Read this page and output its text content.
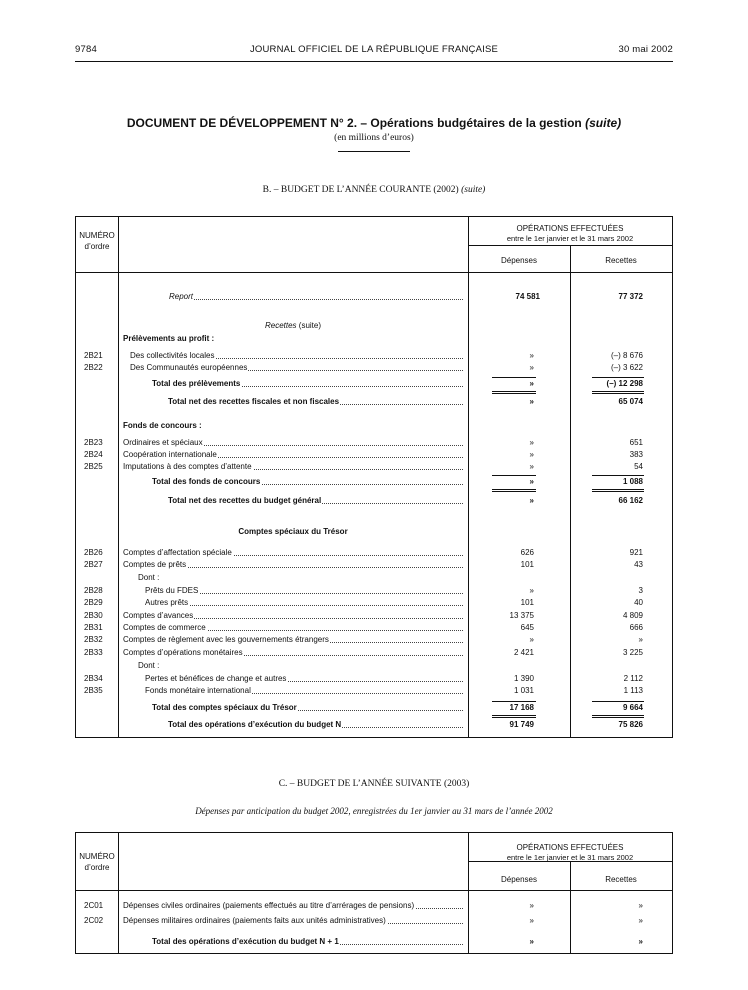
9784	JOURNAL OFFICIEL DE LA RÉPUBLIQUE FRANÇAISE	30 mai 2002
DOCUMENT DE DÉVELOPPEMENT N° 2. – Opérations budgétaires de la gestion (suite)
(en millions d’euros)
B. – BUDGET DE L’ANNÉE COURANTE (2002) (suite)
NUMÉRO
d’ordre
OPÉRATIONS EFFECTUÉES
entre le 1er janvier et le 31 mars 2002
Dépenses	Recettes
Report	74 581	77 372
Recettes (suite)
Prélèvements au profit :
Fonds de concours :
Comptes spéciaux du Trésor
Dont :
Dont :
2B21	Des collectivités locales	»	(–) 8 676
2B22	Des Communautés européennes	»	(–) 3 622
Total des prélèvements	»	(–) 12 298
Total net des recettes fiscales et non fiscales	»	65 074
2B23	Ordinaires et spéciaux	»	651
2B24	Coopération internationale	»	383
2B25	Imputations à des comptes d’attente	»	54
Total des fonds de concours	»	1 088
Total net des recettes du budget général	»	66 162
2B26	Comptes d’affectation spéciale	626	921
2B27	Comptes de prêts	101	43
2B28	Prêts du FDES	»	3
2B29	Autres prêts	101	40
2B30	Comptes d’avances	13 375	4 809
2B31	Comptes de commerce	645	666
2B32	Comptes de règlement avec les gouvernements étrangers	»	»
2B33	Comptes d’opérations monétaires	2 421	3 225
2B34	Pertes et bénéfices de change et autres	1 390	2 112
2B35	Fonds monétaire international	1 031	1 113
Total des comptes spéciaux du Trésor	17 168	9 664
Total des opérations d’exécution du budget N	91 749	75 826
C. – BUDGET DE L’ANNÉE SUIVANTE (2003)
Dépenses par anticipation du budget 2002, enregistrées du 1er janvier au 31 mars de l’année 2002
NUMÉRO
d’ordre
OPÉRATIONS EFFECTUÉES
entre le 1er janvier et le 31 mars 2002
Dépenses	Recettes
2C01	Dépenses civiles ordinaires (paiements effectués au titre d’arrérages de pensions)	»	»
2C02	Dépenses militaires ordinaires (paiements faits aux unités administratives)	»	»
Total des opérations d’exécution du budget N + 1	»	»
